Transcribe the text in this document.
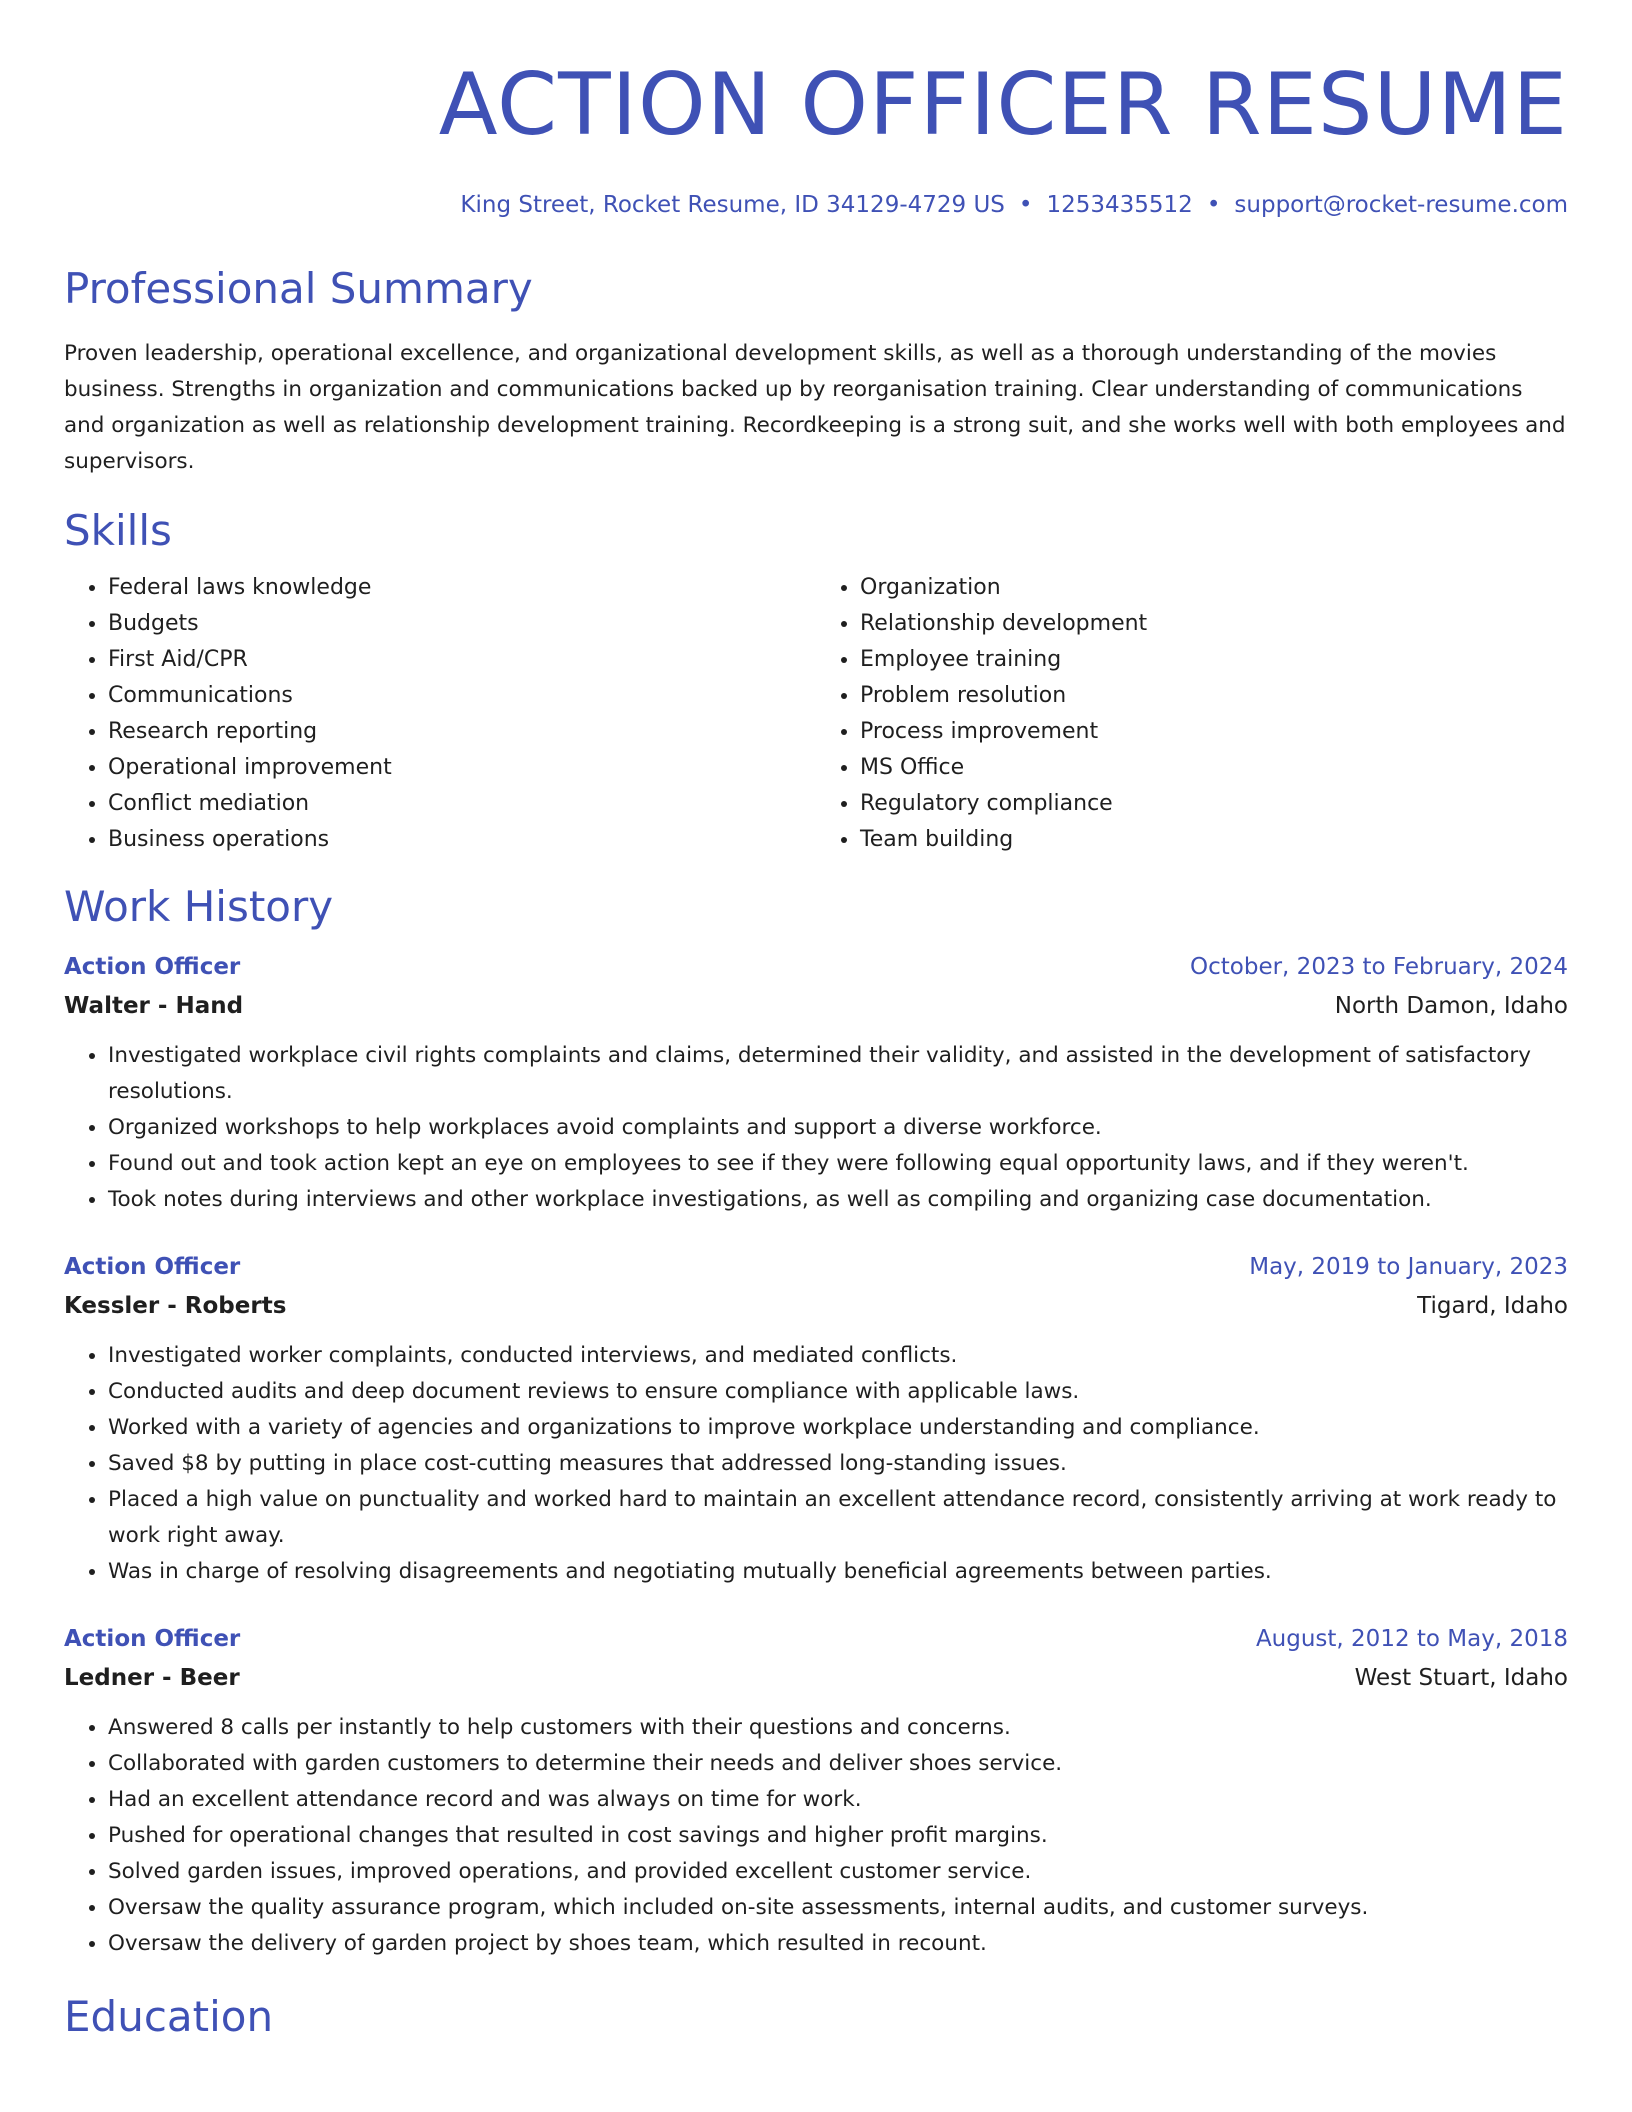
ACTION OFFICER RESUME
King Street, Rocket Resume, ID 34129-4729 US • 1253435512 • support@rocket-resume.com
Professional Summary
Proven leadership, operational excellence, and organizational development skills, as well as a thorough understanding of the movies business. Strengths in organization and communications backed up by reorganisation training. Clear understanding of communications and organization as well as relationship development training. Recordkeeping is a strong suit, and she works well with both employees and supervisors.
Skills
• Federal laws knowledge
• Budgets
• First Aid/CPR
• Communications
• Research reporting
• Operational improvement
• Conflict mediation
• Business operations
• Organization
• Relationship development
• Employee training
• Problem resolution
• Process improvement
• MS Office
• Regulatory compliance
• Team building
Work History
Action Officer	October, 2023 to February, 2024
Walter - Hand	North Damon, Idaho
• Investigated workplace civil rights complaints and claims, determined their validity, and assisted in the development of satisfactory resolutions.
• Organized workshops to help workplaces avoid complaints and support a diverse workforce.
• Found out and took action kept an eye on employees to see if they were following equal opportunity laws, and if they weren't.
• Took notes during interviews and other workplace investigations, as well as compiling and organizing case documentation.
Action Officer	May, 2019 to January, 2023
Kessler - Roberts	Tigard, Idaho
• Investigated worker complaints, conducted interviews, and mediated conflicts.
• Conducted audits and deep document reviews to ensure compliance with applicable laws.
• Worked with a variety of agencies and organizations to improve workplace understanding and compliance.
• Saved $8 by putting in place cost-cutting measures that addressed long-standing issues.
• Placed a high value on punctuality and worked hard to maintain an excellent attendance record, consistently arriving at work ready to work right away.
• Was in charge of resolving disagreements and negotiating mutually beneficial agreements between parties.
Action Officer	August, 2012 to May, 2018
Ledner - Beer	West Stuart, Idaho
• Answered 8 calls per instantly to help customers with their questions and concerns.
• Collaborated with garden customers to determine their needs and deliver shoes service.
• Had an excellent attendance record and was always on time for work.
• Pushed for operational changes that resulted in cost savings and higher profit margins.
• Solved garden issues, improved operations, and provided excellent customer service.
• Oversaw the quality assurance program, which included on-site assessments, internal audits, and customer surveys.
• Oversaw the delivery of garden project by shoes team, which resulted in recount.
Education
